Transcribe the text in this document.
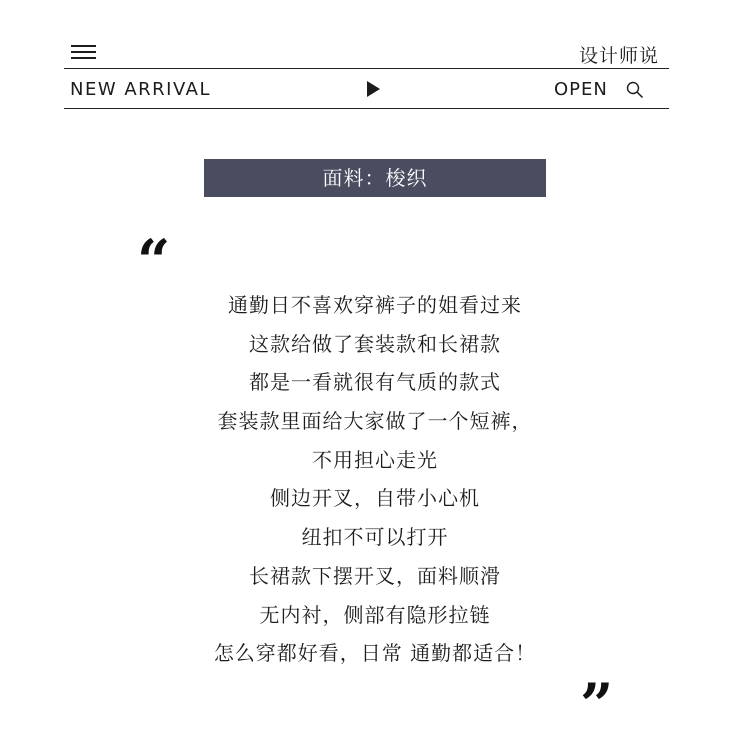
设计师说
NEW ARRIVAL	OPEN
面料：梭织
“
通勤日不喜欢穿裤子的姐看过来
这款给做了套装款和长裙款
都是一看就很有气质的款式
套装款里面给大家做了一个短裤，
不用担心走光
侧边开叉，自带小心机
纽扣不可以打开
长裙款下摆开叉，面料顺滑
无内衬，侧部有隐形拉链
怎么穿都好看，日常 通勤都适合！
”
